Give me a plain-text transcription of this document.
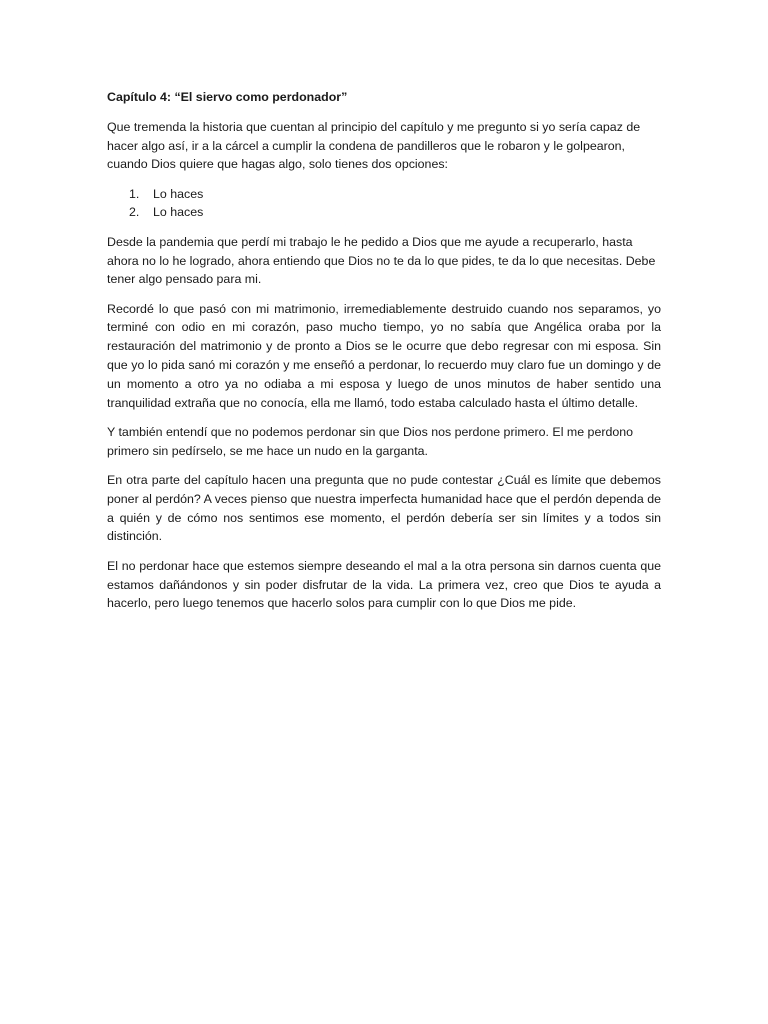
Capítulo 4: “El siervo como perdonador”

Que tremenda la historia que cuentan al principio del capítulo y me pregunto si yo sería capaz de hacer algo así, ir a la cárcel a cumplir la condena de pandilleros que le robaron y le golpearon, cuando Dios quiere que hagas algo, solo tienes dos opciones:

1.	Lo haces
2.	Lo haces

Desde la pandemia que perdí mi trabajo le he pedido a Dios que me ayude a recuperarlo, hasta ahora no lo he logrado, ahora entiendo que Dios no te da lo que pides, te da lo que necesitas. Debe tener algo pensado para mi.

Recordé lo que pasó con mi matrimonio, irremediablemente destruido cuando nos separamos, yo terminé con odio en mi corazón, paso mucho tiempo, yo no sabía que Angélica oraba por la restauración del matrimonio y de pronto a Dios se le ocurre que debo regresar con mi esposa. Sin que yo lo pida sanó mi corazón y me enseñó a perdonar, lo recuerdo muy claro fue un domingo y de un momento a otro ya no odiaba a mi esposa y luego de unos minutos de haber sentido una tranquilidad extraña que no conocía, ella me llamó, todo estaba calculado hasta el último detalle.

Y también entendí que no podemos perdonar sin que Dios nos perdone primero. El me perdono primero sin pedírselo, se me hace un nudo en la garganta.

En otra parte del capítulo hacen una pregunta que no pude contestar ¿Cuál es límite que debemos poner al perdón? A veces pienso que nuestra imperfecta humanidad hace que el perdón dependa de a quién y de cómo nos sentimos ese momento, el perdón debería ser sin límites y a todos sin distinción.

El no perdonar hace que estemos siempre deseando el mal a la otra persona sin darnos cuenta que estamos dañándonos y sin poder disfrutar de la vida. La primera vez, creo que Dios te ayuda a hacerlo, pero luego tenemos que hacerlo solos para cumplir con lo que Dios me pide.
